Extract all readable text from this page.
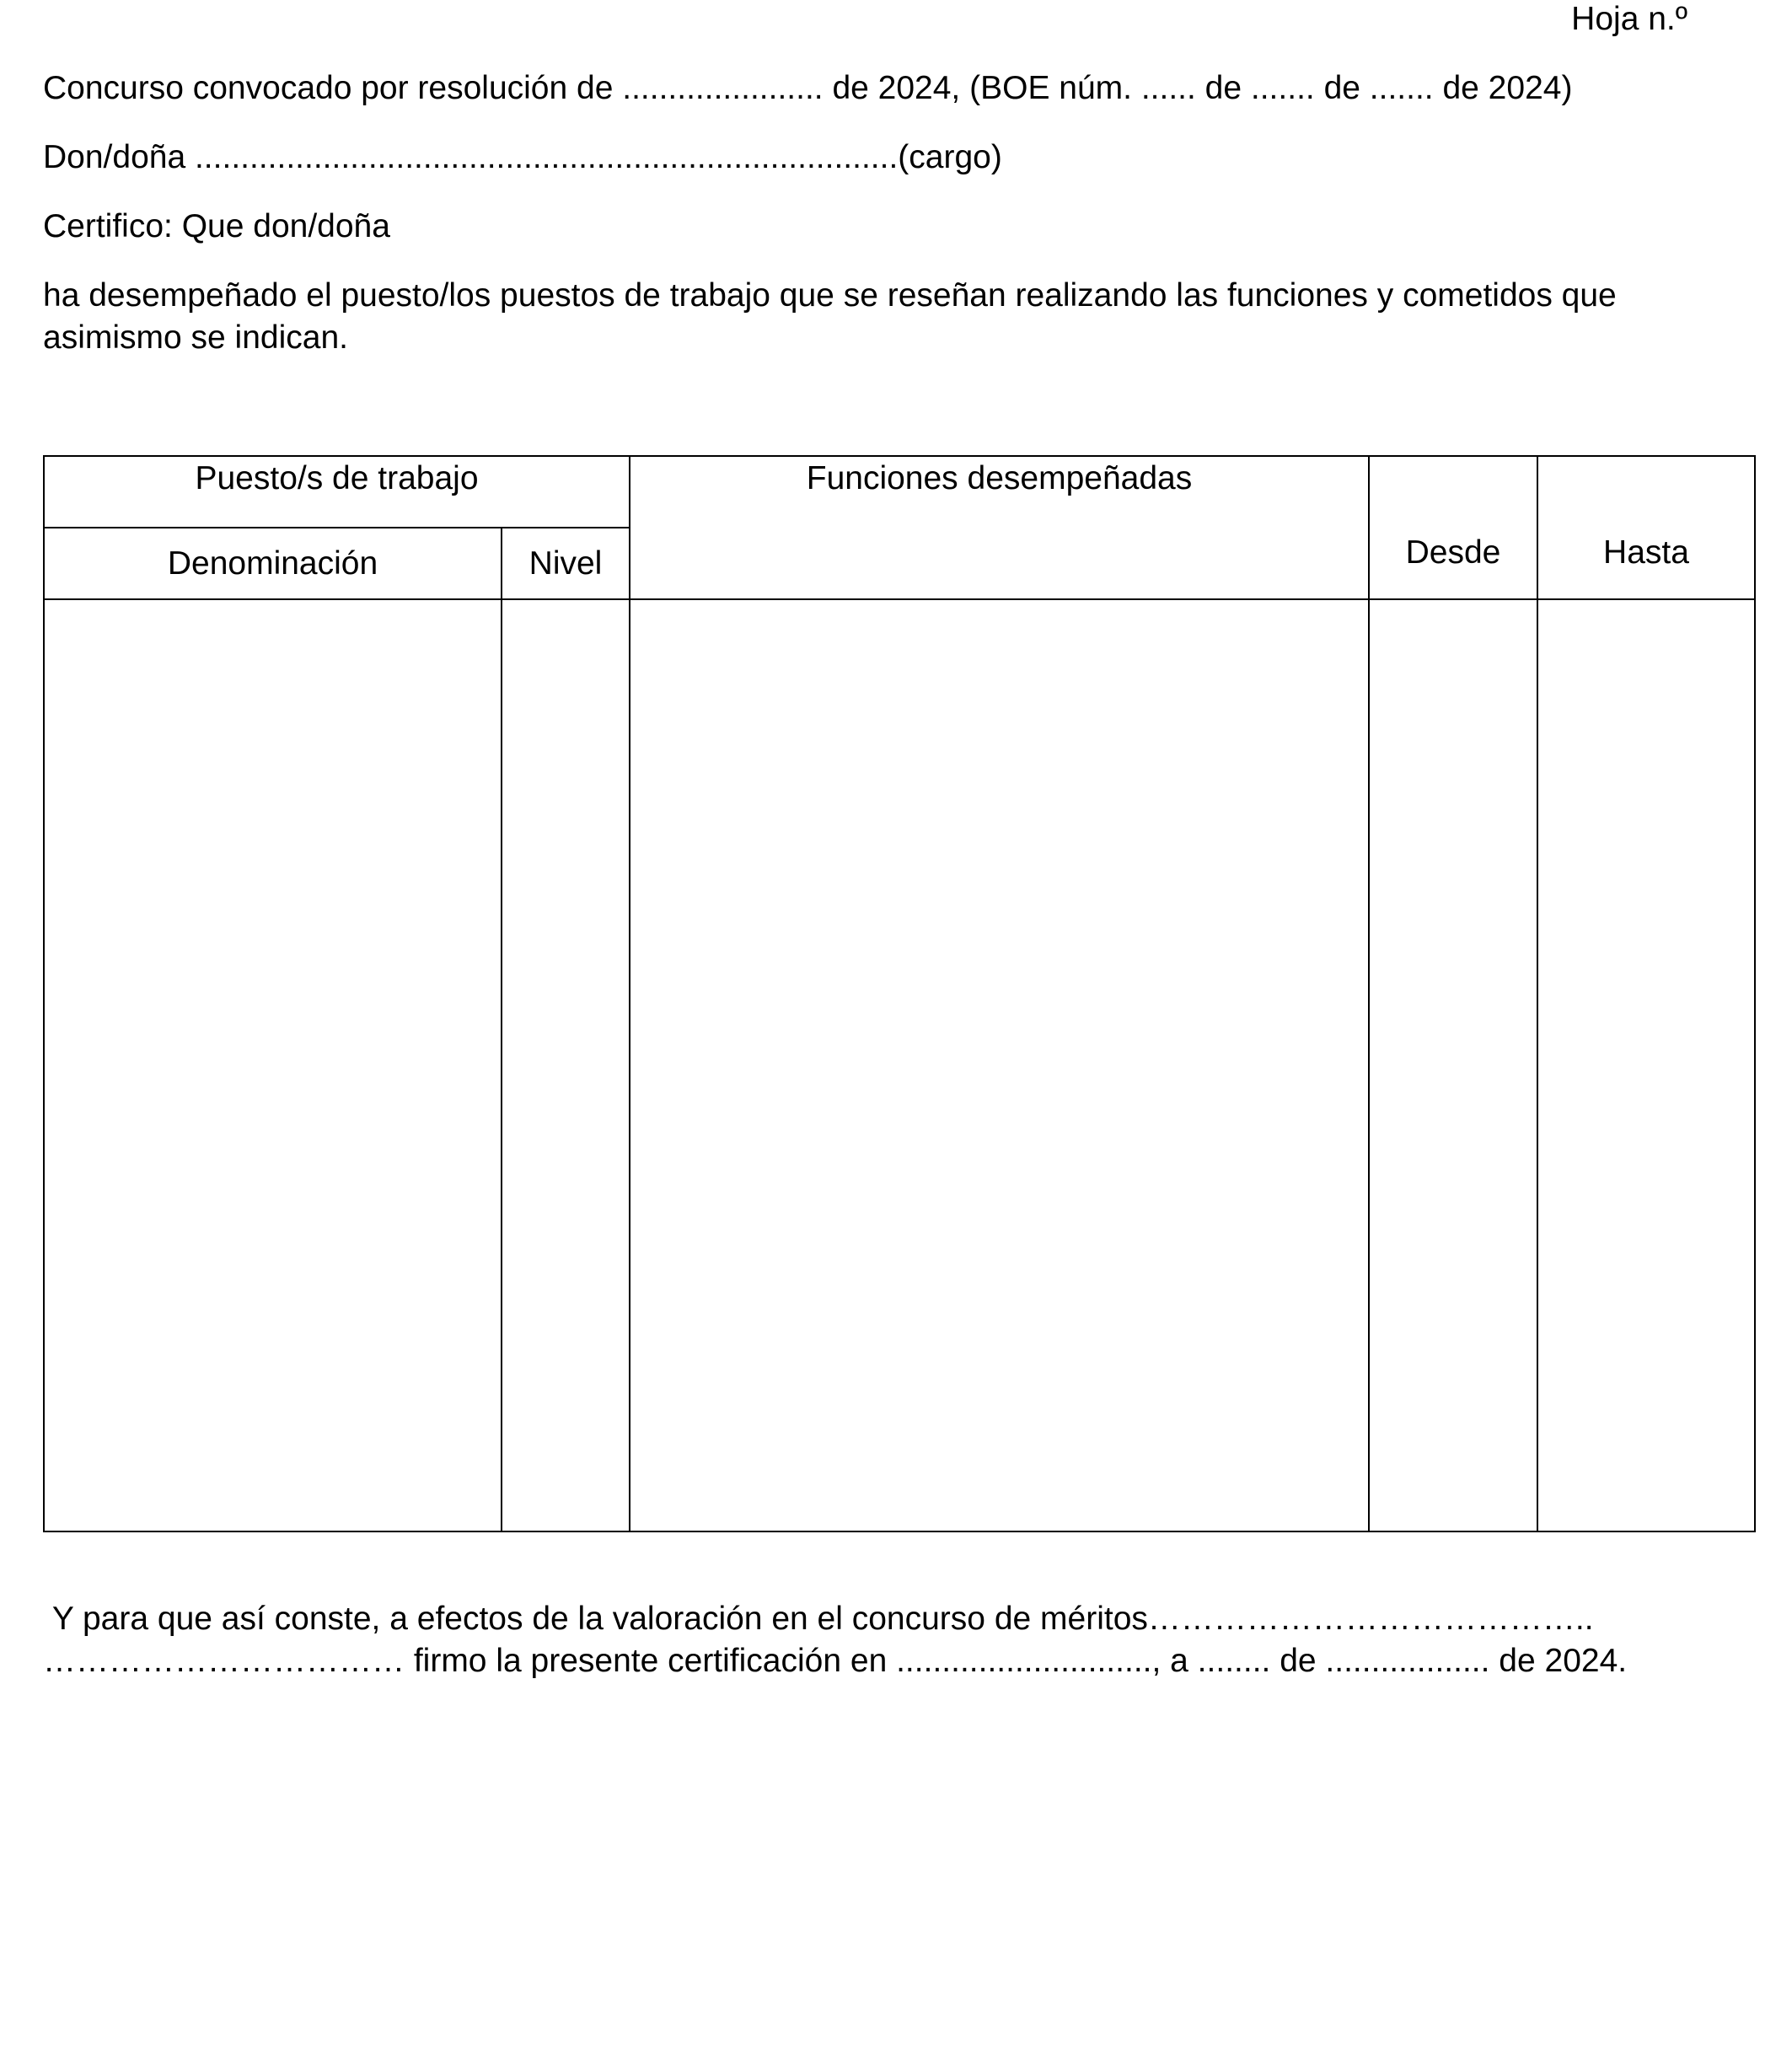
Hoja n.º
Concurso convocado por resolución de ...................... de 2024, (BOE núm. ...... de ....... de ....... de 2024)
Don/doña .............................................................................(cargo)
Certifico: Que don/doña
ha desempeñado el puesto/los puestos de trabajo que se reseñan realizando las funciones y cometidos que asimismo se indican.
Puesto/s de trabajo		Funciones desempeñadas	Desde	Hasta

Denominación	Nivel			

Y para que así conste, a efectos de la valoración en el concurso de méritos………………………………….. …………………………… firmo la presente certificación en ............................, a ........ de .................. de 2024.
